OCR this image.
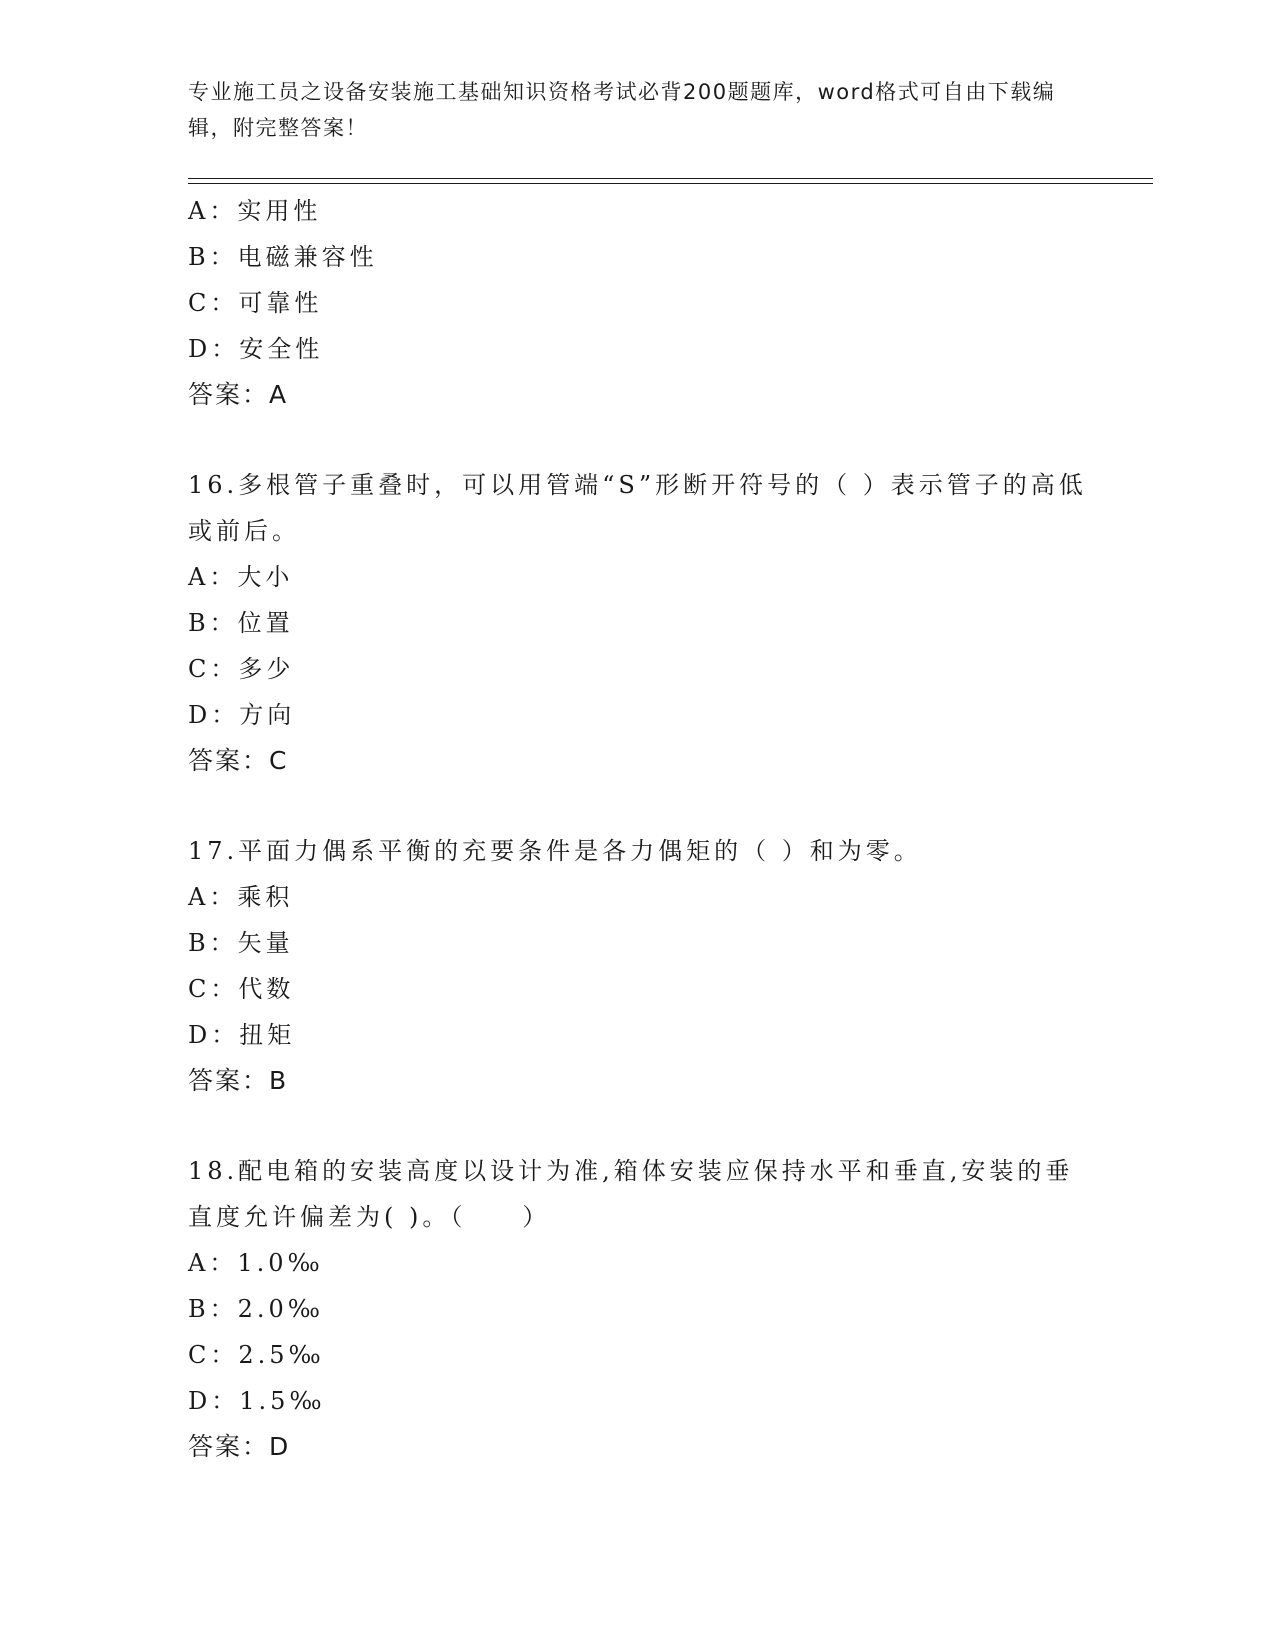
专业施工员之设备安装施工基础知识资格考试必背200题题库，word格式可自由下载编辑，附完整答案！
A：实用性
B：电磁兼容性
C：可靠性
D：安全性
答案：A
16.多根管子重叠时，可以用管端“S”形断开符号的（ ）表示管子的高低或前后。
A：大小
B：位置
C：多少
D：方向
答案：C
17.平面力偶系平衡的充要条件是各力偶矩的（ ）和为零。
A：乘积
B：矢量
C：代数
D：扭矩
答案：B
18.配电箱的安装高度以设计为准,箱体安装应保持水平和垂直,安装的垂直度允许偏差为( )。（　　）
A：1.0‰
B：2.0‰
C：2.5‰
D：1.5‰
答案：D
